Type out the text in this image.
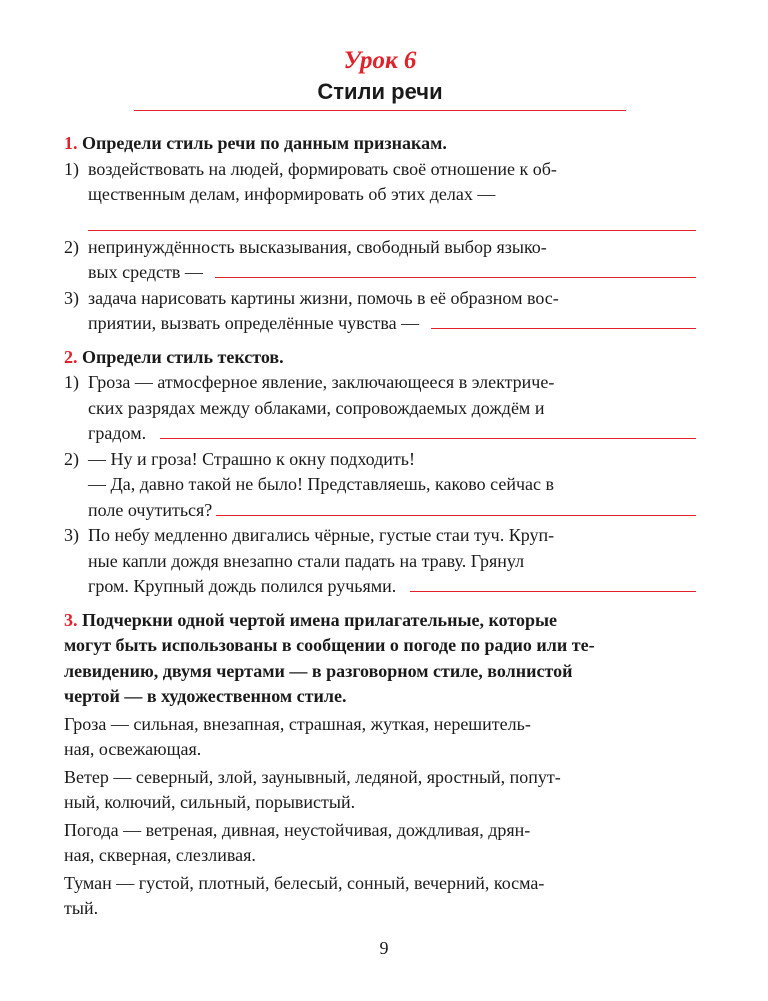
Урок 6
Стили речи
1. Определи стиль речи по данным признакам.
1) воздействовать на людей, формировать своё отношение к об-
щественным делам, информировать об этих делах —
2) непринуждённость высказывания, свободный выбор языко-
вых средств —
3) задача нарисовать картины жизни, помочь в её образном вос-
приятии, вызвать определённые чувства —
2. Определи стиль текстов.
1) Гроза — атмосферное явление, заключающееся в электриче-
ских разрядах между облаками, сопровождаемых дождём и
градом.
2) — Ну и гроза! Страшно к окну подходить!
— Да, давно такой не было! Представляешь, каково сейчас в
поле очутиться?
3) По небу медленно двигались чёрные, густые стаи туч. Круп-
ные капли дождя внезапно стали падать на траву. Грянул
гром. Крупный дождь полился ручьями.
3. Подчеркни одной чертой имена прилагательные, которые
могут быть использованы в сообщении о погоде по радио или те-
левидению, двумя чертами — в разговорном стиле, волнистой
чертой — в художественном стиле.
Гроза — сильная, внезапная, страшная, жуткая, нерешитель-
ная, освежающая.
Ветер — северный, злой, заунывный, ледяной, яростный, попут-
ный, колючий, сильный, порывистый.
Погода — ветреная, дивная, неустойчивая, дождливая, дрян-
ная, скверная, слезливая.
Туман — густой, плотный, белесый, сонный, вечерний, косма-
тый.
9
